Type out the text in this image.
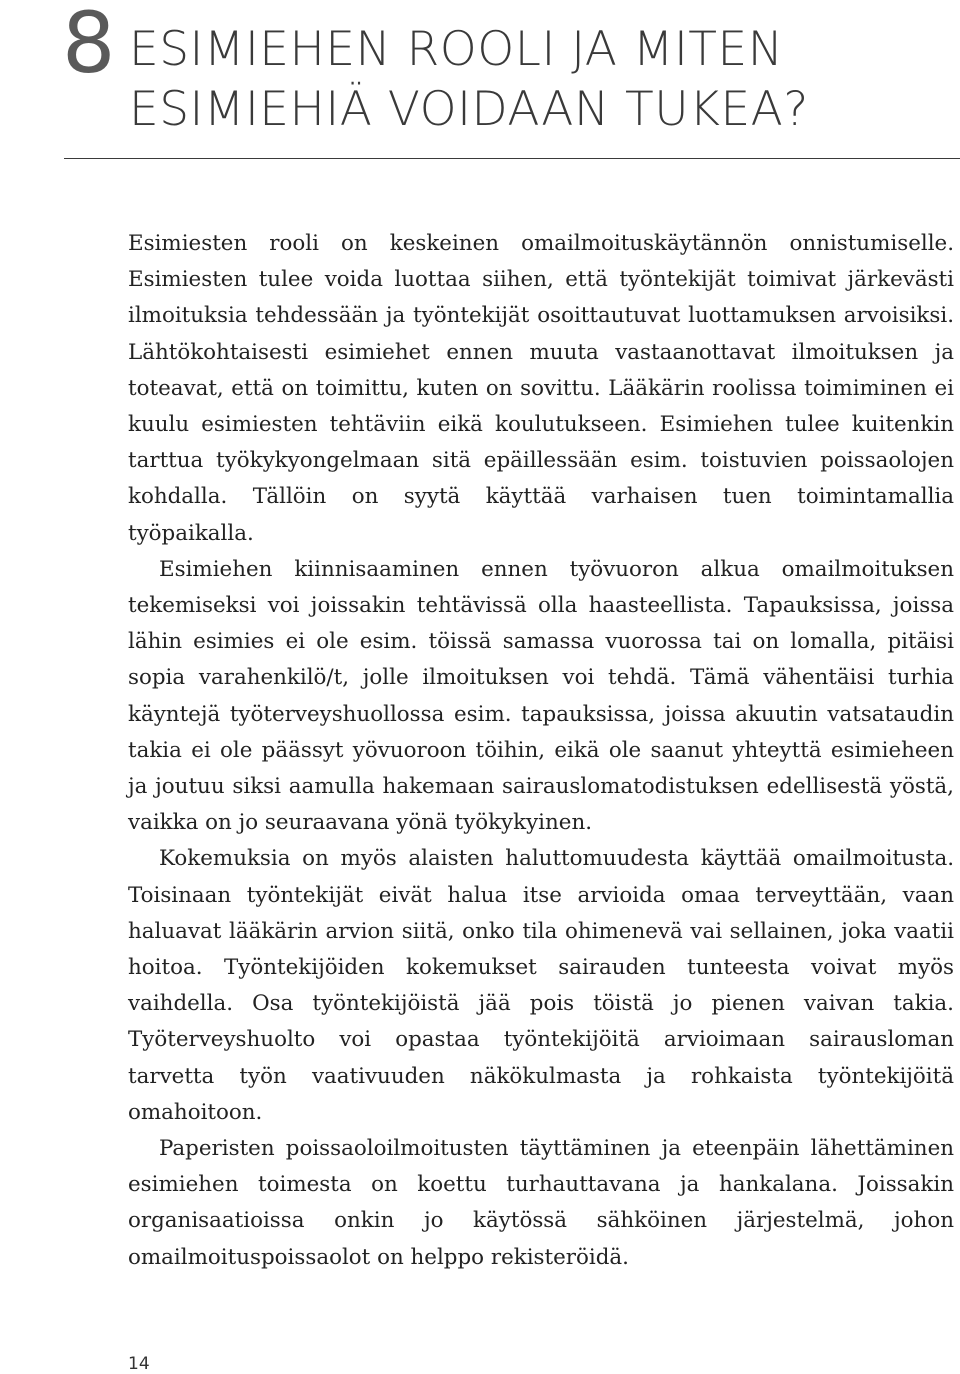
8 ESIMIEHEN ROOLI JA MITEN
ESIMIEHIÄ VOIDAAN TUKEA?

Esimiesten rooli on keskeinen omailmoituskäytännön onnistumiselle. Esimiesten tulee voida luottaa siihen, että työntekijät toimivat järkevästi ilmoituksia tehdessään ja työntekijät osoittautuvat luottamuksen arvoisiksi. Lähtökohtaisesti esimiehet ennen muuta vastaanottavat ilmoituksen ja toteavat, että on toimittu, kuten on sovittu. Lääkärin roolissa toimiminen ei kuulu esimiesten tehtäviin eikä koulutukseen. Esimiehen tulee kuitenkin tarttua työkykyongelmaan sitä epäillessään esim. toistuvien poissaolojen kohdalla. Tällöin on syytä käyttää varhaisen tuen toimintamallia työpaikalla.

Esimiehen kiinnisaaminen ennen työvuoron alkua omailmoituksen tekemiseksi voi joissakin tehtävissä olla haasteellista. Tapauksissa, joissa lähin esimies ei ole esim. töissä samassa vuorossa tai on lomalla, pitäisi sopia varahenkilö/t, jolle ilmoituksen voi tehdä. Tämä vähentäisi turhia käyntejä työterveyshuollossa esim. tapauksissa, joissa akuutin vatsataudin takia ei ole päässyt yövuoroon töihin, eikä ole saanut yhteyttä esimieheen ja joutuu siksi aamulla hakemaan sairauslomatodistuksen edellisestä yöstä, vaikka on jo seuraavana yönä työkykyinen.

Kokemuksia on myös alaisten haluttomuudesta käyttää omailmoitusta. Toisinaan työntekijät eivät halua itse arvioida omaa terveyttään, vaan haluavat lääkärin arvion siitä, onko tila ohimenevä vai sellainen, joka vaatii hoitoa. Työntekijöiden kokemukset sairauden tunteesta voivat myös vaihdella. Osa työntekijöistä jää pois töistä jo pienen vaivan takia. Työterveyshuolto voi opastaa työntekijöitä arvioimaan sairausloman tarvetta työn vaativuuden näkökulmasta ja rohkaista työntekijöitä omahoitoon.

Paperisten poissaoloilmoitusten täyttäminen ja eteenpäin lähettäminen esimiehen toimesta on koettu turhauttavana ja hankalana. Joissakin organisaatioissa onkin jo käytössä sähköinen järjestelmä, johon omailmoituspoissaolot on helppo rekisteröidä.

14
